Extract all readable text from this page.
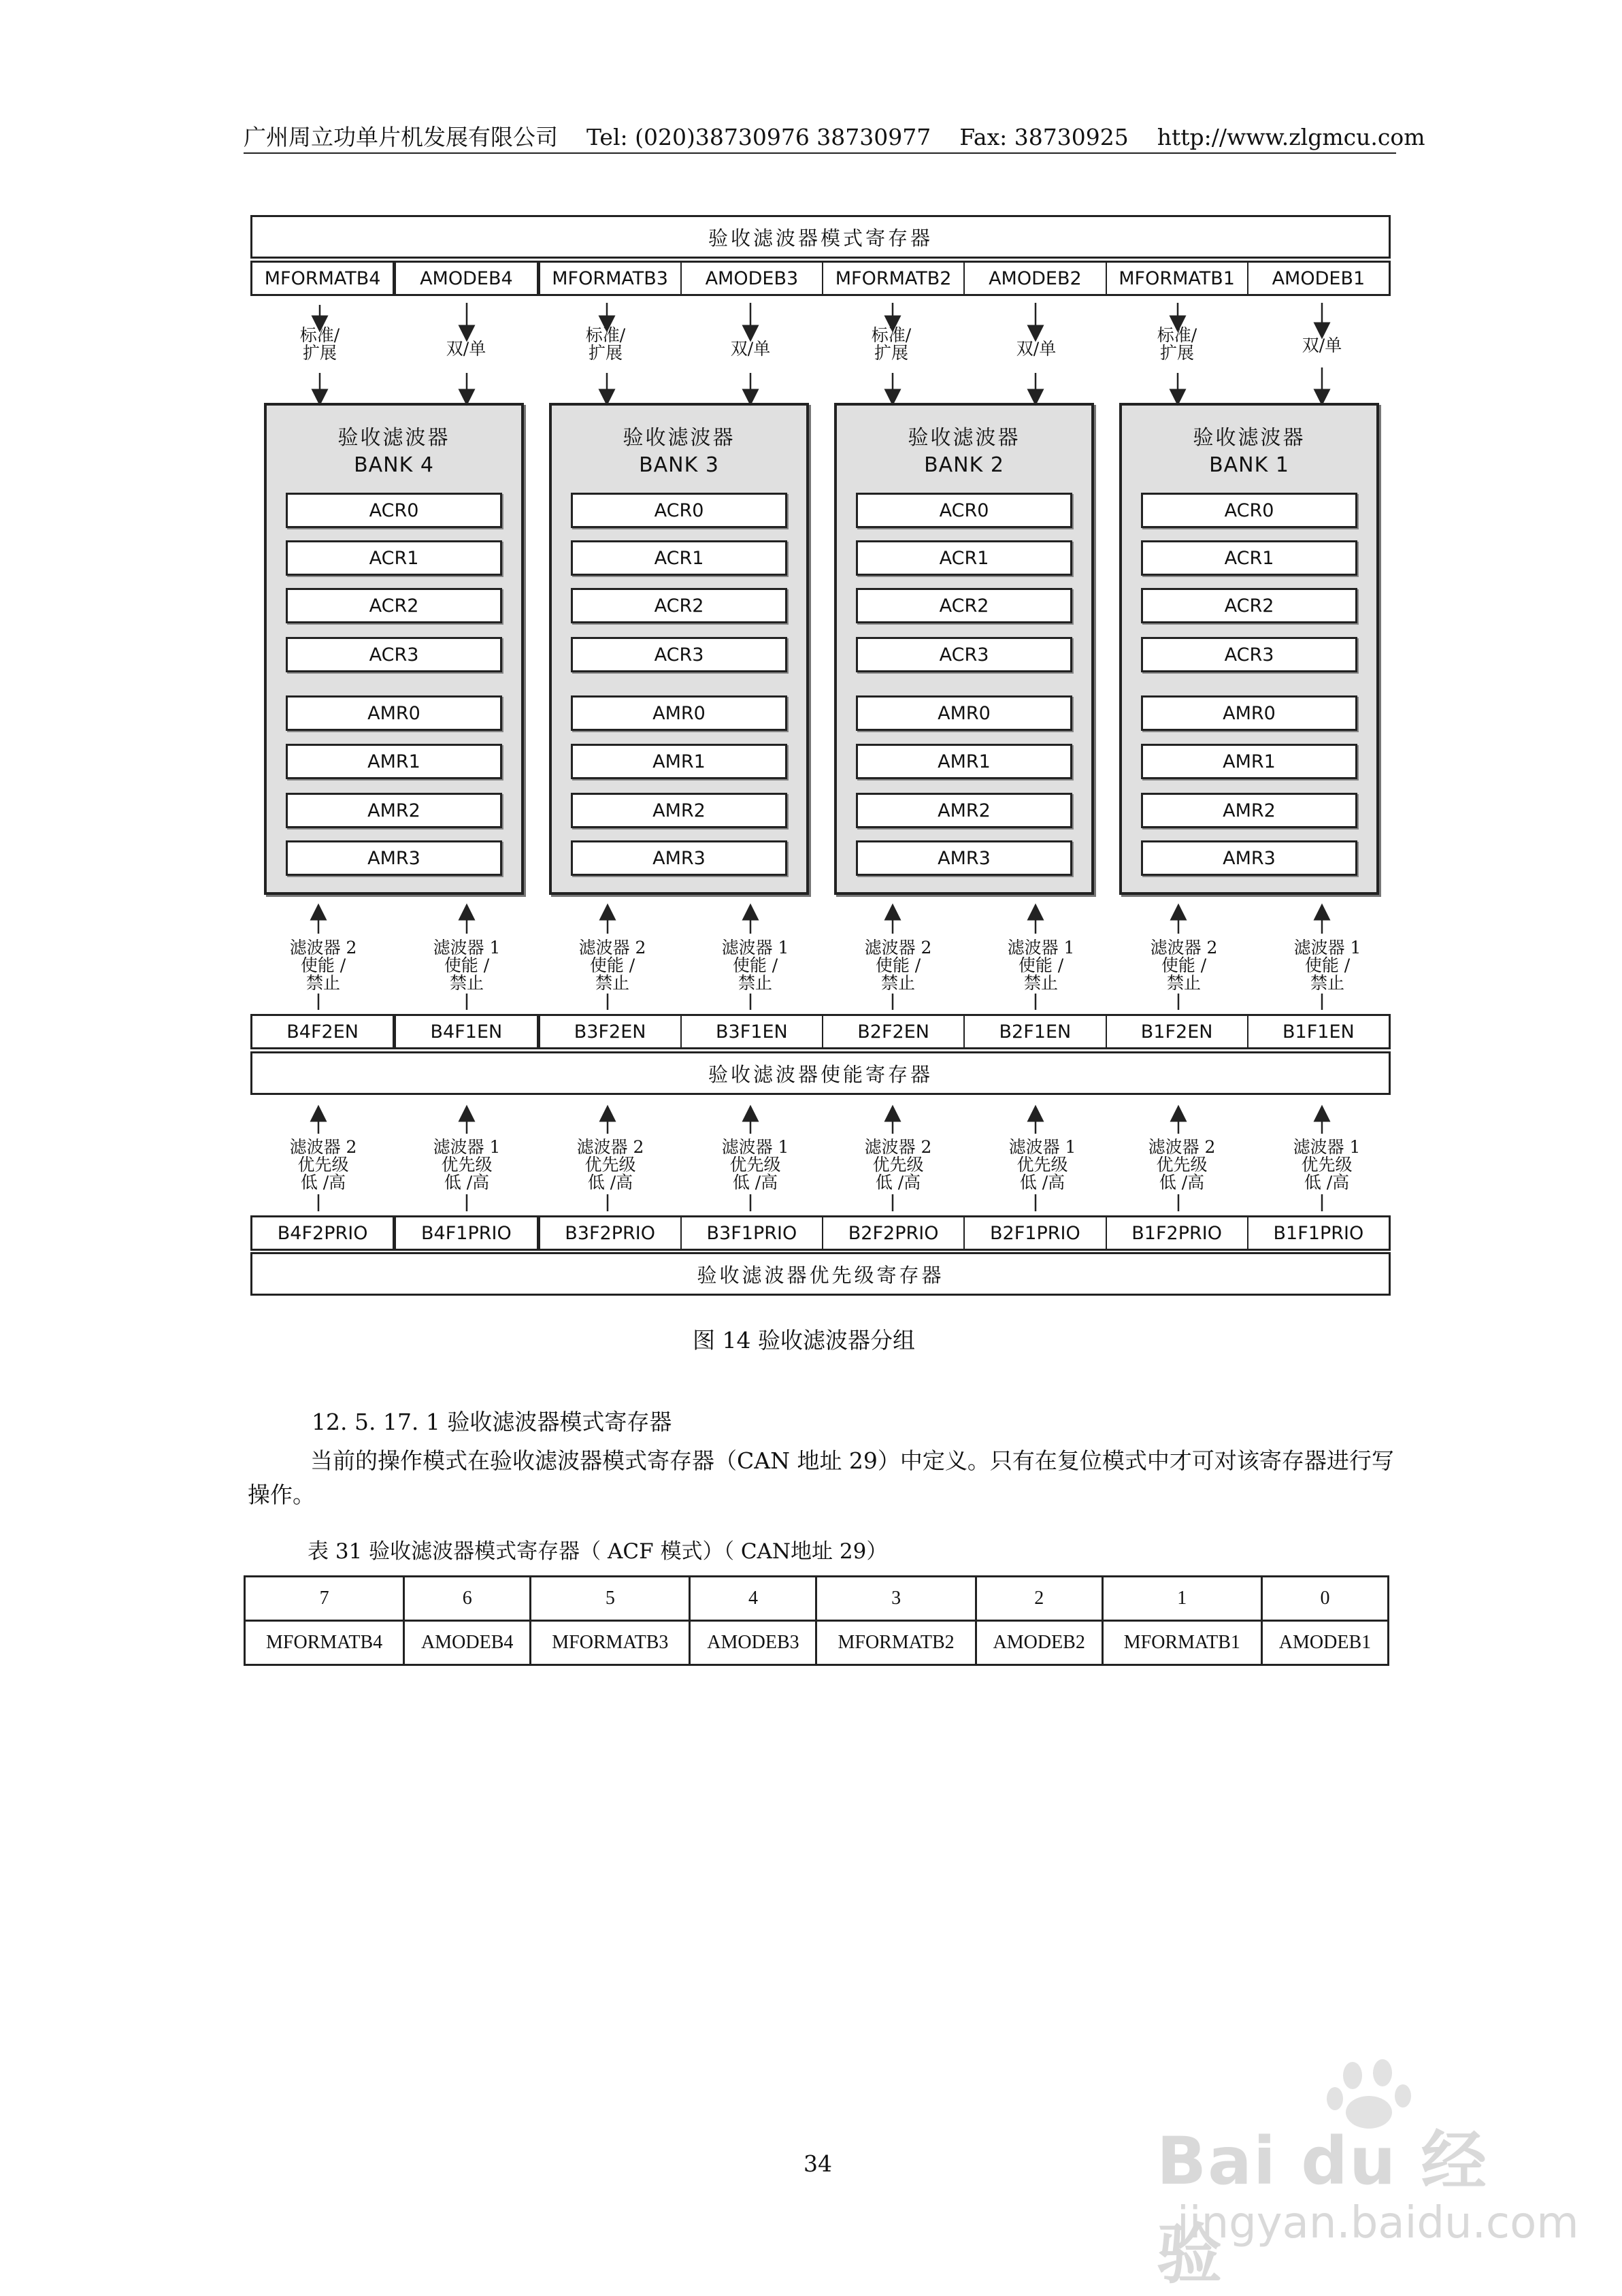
广州周立功单片机发展有限公司 Tel: (020)38730976 38730977 Fax: 38730925 http://www.zlgmcu.com
验收滤波器模式寄存器
MFORMATB4	AMODEB4	MFORMATB3	AMODEB3	MFORMATB2	AMODEB2	MFORMATB1	AMODEB1
标准/
扩展	双/单
标准/
扩展	双/单
标准/
扩展	双/单
标准/
扩展	双/单
验收滤波器
BANK 4
ACR0
ACR1
ACR2
ACR3
AMR0
AMR1
AMR2
AMR3
验收滤波器
BANK 3
ACR0
ACR1
ACR2
ACR3
AMR0
AMR1
AMR2
AMR3
验收滤波器
BANK 2
ACR0
ACR1
ACR2
ACR3
AMR0
AMR1
AMR2
AMR3
验收滤波器
BANK 1
ACR0
ACR1
ACR2
ACR3
AMR0
AMR1
AMR2
AMR3
滤波器 2
使能 /
禁止
滤波器 1
使能 /
禁止
滤波器 2
使能 /
禁止
滤波器 1
使能 /
禁止
滤波器 2
使能 /
禁止
滤波器 1
使能 /
禁止
滤波器 2
使能 /
禁止
滤波器 1
使能 /
禁止
B4F2EN	B4F1EN	B3F2EN	B3F1EN	B2F2EN	B2F1EN	B1F2EN	B1F1EN
验收滤波器使能寄存器
滤波器 2
优先级
低 /高
滤波器 1
优先级
低 /高
滤波器 2
优先级
低 /高
滤波器 1
优先级
低 /高
滤波器 2
优先级
低 /高
滤波器 1
优先级
低 /高
滤波器 2
优先级
低 /高
滤波器 1
优先级
低 /高
B4F2PRIO	B4F1PRIO	B3F2PRIO	B3F1PRIO	B2F2PRIO	B2F1PRIO	B1F2PRIO	B1F1PRIO
验收滤波器优先级寄存器
图 14 验收滤波器分组
12. 5. 17. 1 验收滤波器模式寄存器
当前的操作模式在验收滤波器模式寄存器（CAN 地址 29）中定义。只有在复位模式中才可对该寄存器进行写操作。
表 31 验收滤波器模式寄存器（ ACF 模式）（ CAN地址 29）
7	6	5	4	3	2	1	0
MFORMATB4	AMODEB4	MFORMATB3	AMODEB3	MFORMATB2	AMODEB2	MFORMATB1	AMODEB1
34	Bai du 经验
jingyan.baidu.com
